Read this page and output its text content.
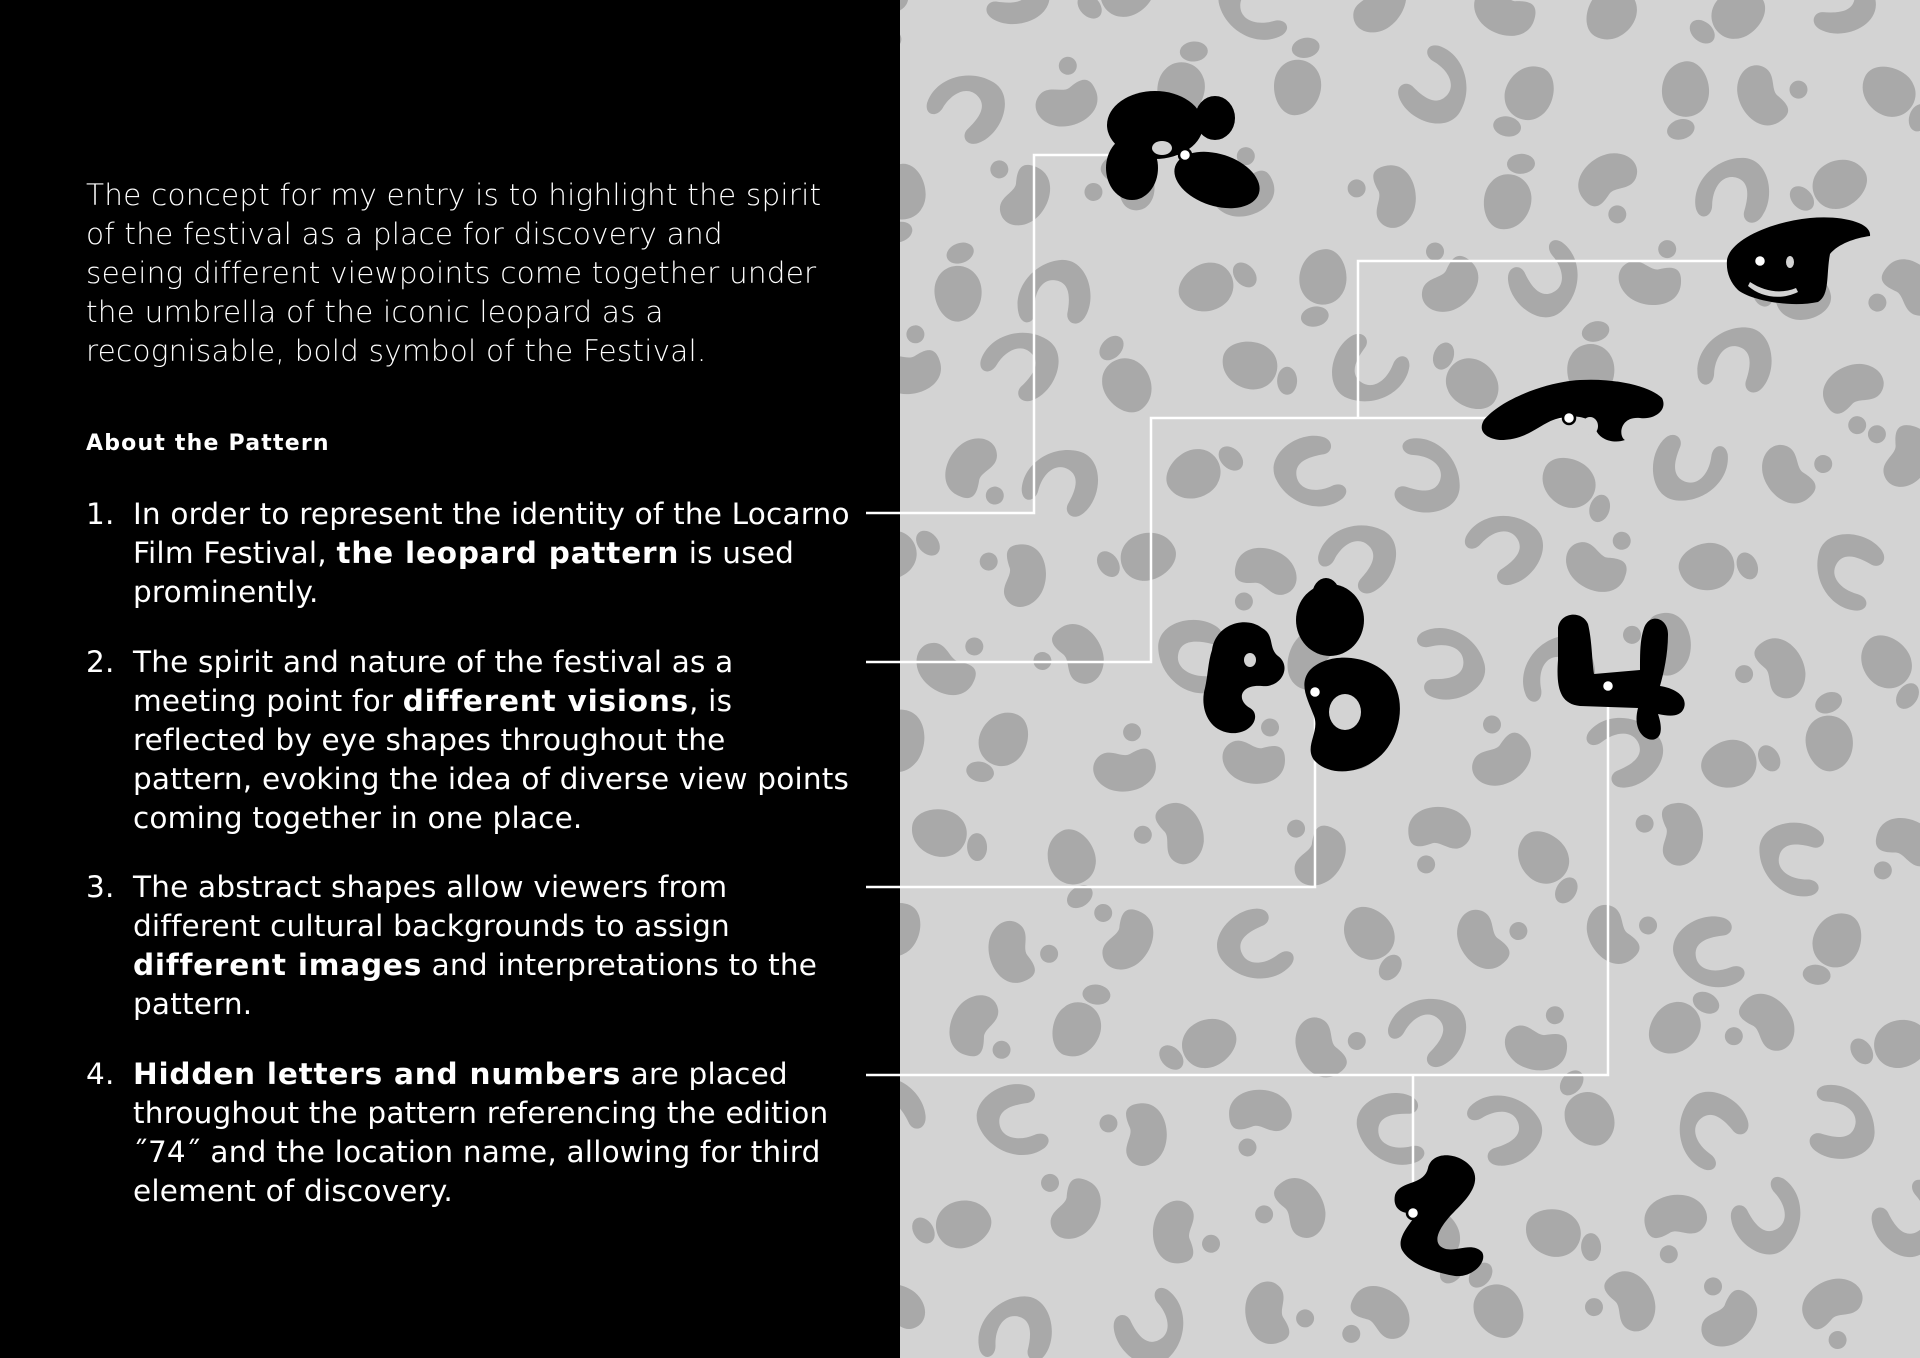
The concept for my entry is to highlight the spirit of the festival as a place for discovery and seeing different viewpoints come together under the umbrella of the iconic leopard as a recognisable, bold symbol of the Festival.

About the Pattern
1. In order to represent the identity of the Locarno Film Festival, the leopard pattern is used prominently.
2. The spirit and nature of the festival as a meeting point for different visions, is reflected by eye shapes throughout the pattern, evoking the idea of diverse view points coming together in one place.
3. The abstract shapes allow viewers from different cultural backgrounds to assign different images and interpretations to the pattern.
4. Hidden letters and numbers are placed throughout the pattern referencing the edition ˝74˝ and the location name, allowing for third element of discovery.
